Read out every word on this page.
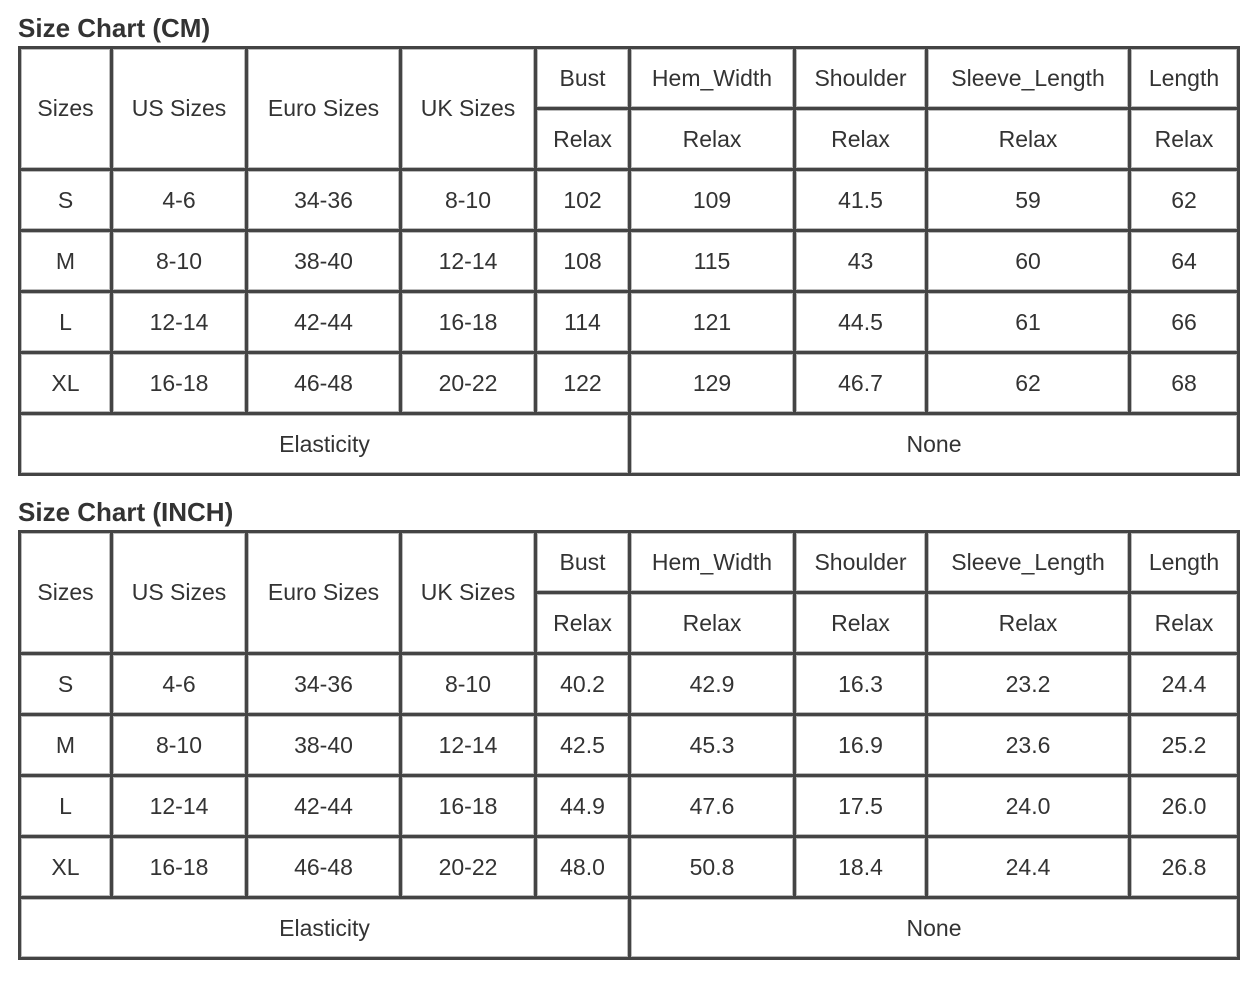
Size Chart (CM)
Sizes	US Sizes	Euro Sizes	UK Sizes	Bust	Hem_Width	Shoulder	Sleeve_Length	Length
				Relax	Relax	Relax	Relax	Relax
S	4-6	34-36	8-10	102	109	41.5	59	62
M	8-10	38-40	12-14	108	115	43	60	64
L	12-14	42-44	16-18	114	121	44.5	61	66
XL	16-18	46-48	20-22	122	129	46.7	62	68
Elasticity					None			
Size Chart (INCH)
Sizes	US Sizes	Euro Sizes	UK Sizes	Bust	Hem_Width	Shoulder	Sleeve_Length	Length
				Relax	Relax	Relax	Relax	Relax
S	4-6	34-36	8-10	40.2	42.9	16.3	23.2	24.4
M	8-10	38-40	12-14	42.5	45.3	16.9	23.6	25.2
L	12-14	42-44	16-18	44.9	47.6	17.5	24.0	26.0
XL	16-18	46-48	20-22	48.0	50.8	18.4	24.4	26.8
Elasticity					None			
